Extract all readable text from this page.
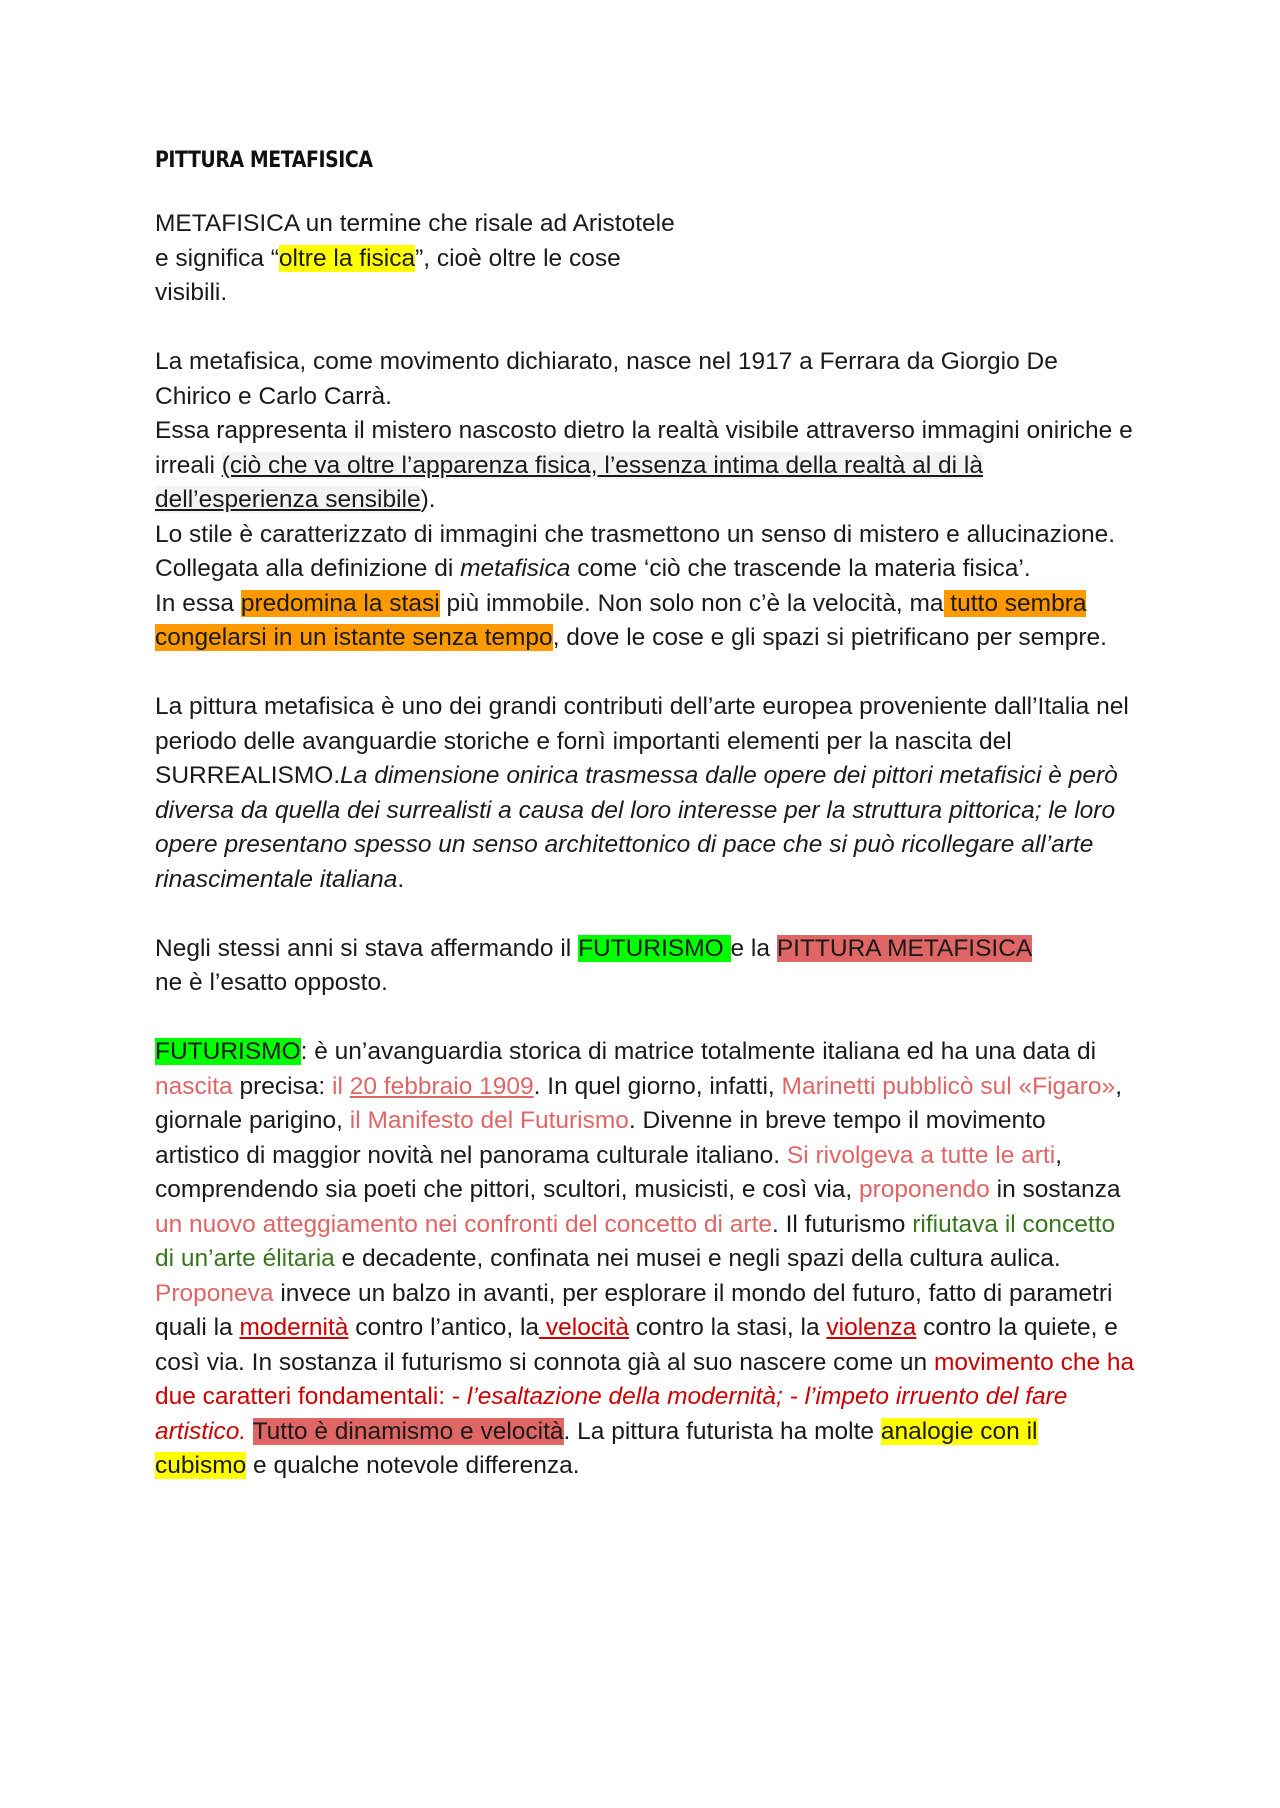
PITTURA METAFISICA

METAFISICA un termine che risale ad Aristotele
e significa “oltre la fisica”, cioè oltre le cose
visibili.

La metafisica, come movimento dichiarato, nasce nel 1917 a Ferrara da Giorgio De Chirico e Carlo Carrà.
Essa rappresenta il mistero nascosto dietro la realtà visibile attraverso immagini oniriche e irreali (ciò che va oltre l’apparenza fisica, l’essenza intima della realtà al di là dell’esperienza sensibile).
Lo stile è caratterizzato di immagini che trasmettono un senso di mistero e allucinazione. Collegata alla definizione di metafisica come ‘ciò che trascende la materia fisica’.
In essa predomina la stasi più immobile. Non solo non c’è la velocità, ma tutto sembra congelarsi in un istante senza tempo, dove le cose e gli spazi si pietrificano per sempre.

La pittura metafisica è uno dei grandi contributi dell’arte europea proveniente dall’Italia nel periodo delle avanguardie storiche e fornì importanti elementi per la nascita del SURREALISMO.La dimensione onirica trasmessa dalle opere dei pittori metafisici è però diversa da quella dei surrealisti a causa del loro interesse per la struttura pittorica; le loro opere presentano spesso un senso architettonico di pace che si può ricollegare all’arte rinascimentale italiana.

Negli stessi anni si stava affermando il FUTURISMO e la PITTURA METAFISICA
ne è l’esatto opposto.

FUTURISMO: è un’avanguardia storica di matrice totalmente italiana ed ha una data di nascita precisa: il 20 febbraio 1909. In quel giorno, infatti, Marinetti pubblicò sul «Figaro», giornale parigino, il Manifesto del Futurismo. Divenne in breve tempo il movimento artistico di maggior novità nel panorama culturale italiano. Si rivolgeva a tutte le arti, comprendendo sia poeti che pittori, scultori, musicisti, e così via, proponendo in sostanza un nuovo atteggiamento nei confronti del concetto di arte. Il futurismo rifiutava il concetto di un’arte élitaria e decadente, confinata nei musei e negli spazi della cultura aulica. Proponeva invece un balzo in avanti, per esplorare il mondo del futuro, fatto di parametri quali la modernità contro l’antico, la velocità contro la stasi, la violenza contro la quiete, e così via. In sostanza il futurismo si connota già al suo nascere come un movimento che ha due caratteri fondamentali: - l’esaltazione della modernità; - l’impeto irruento del fare artistico. Tutto è dinamismo e velocità. La pittura futurista ha molte analogie con il cubismo e qualche notevole differenza.
